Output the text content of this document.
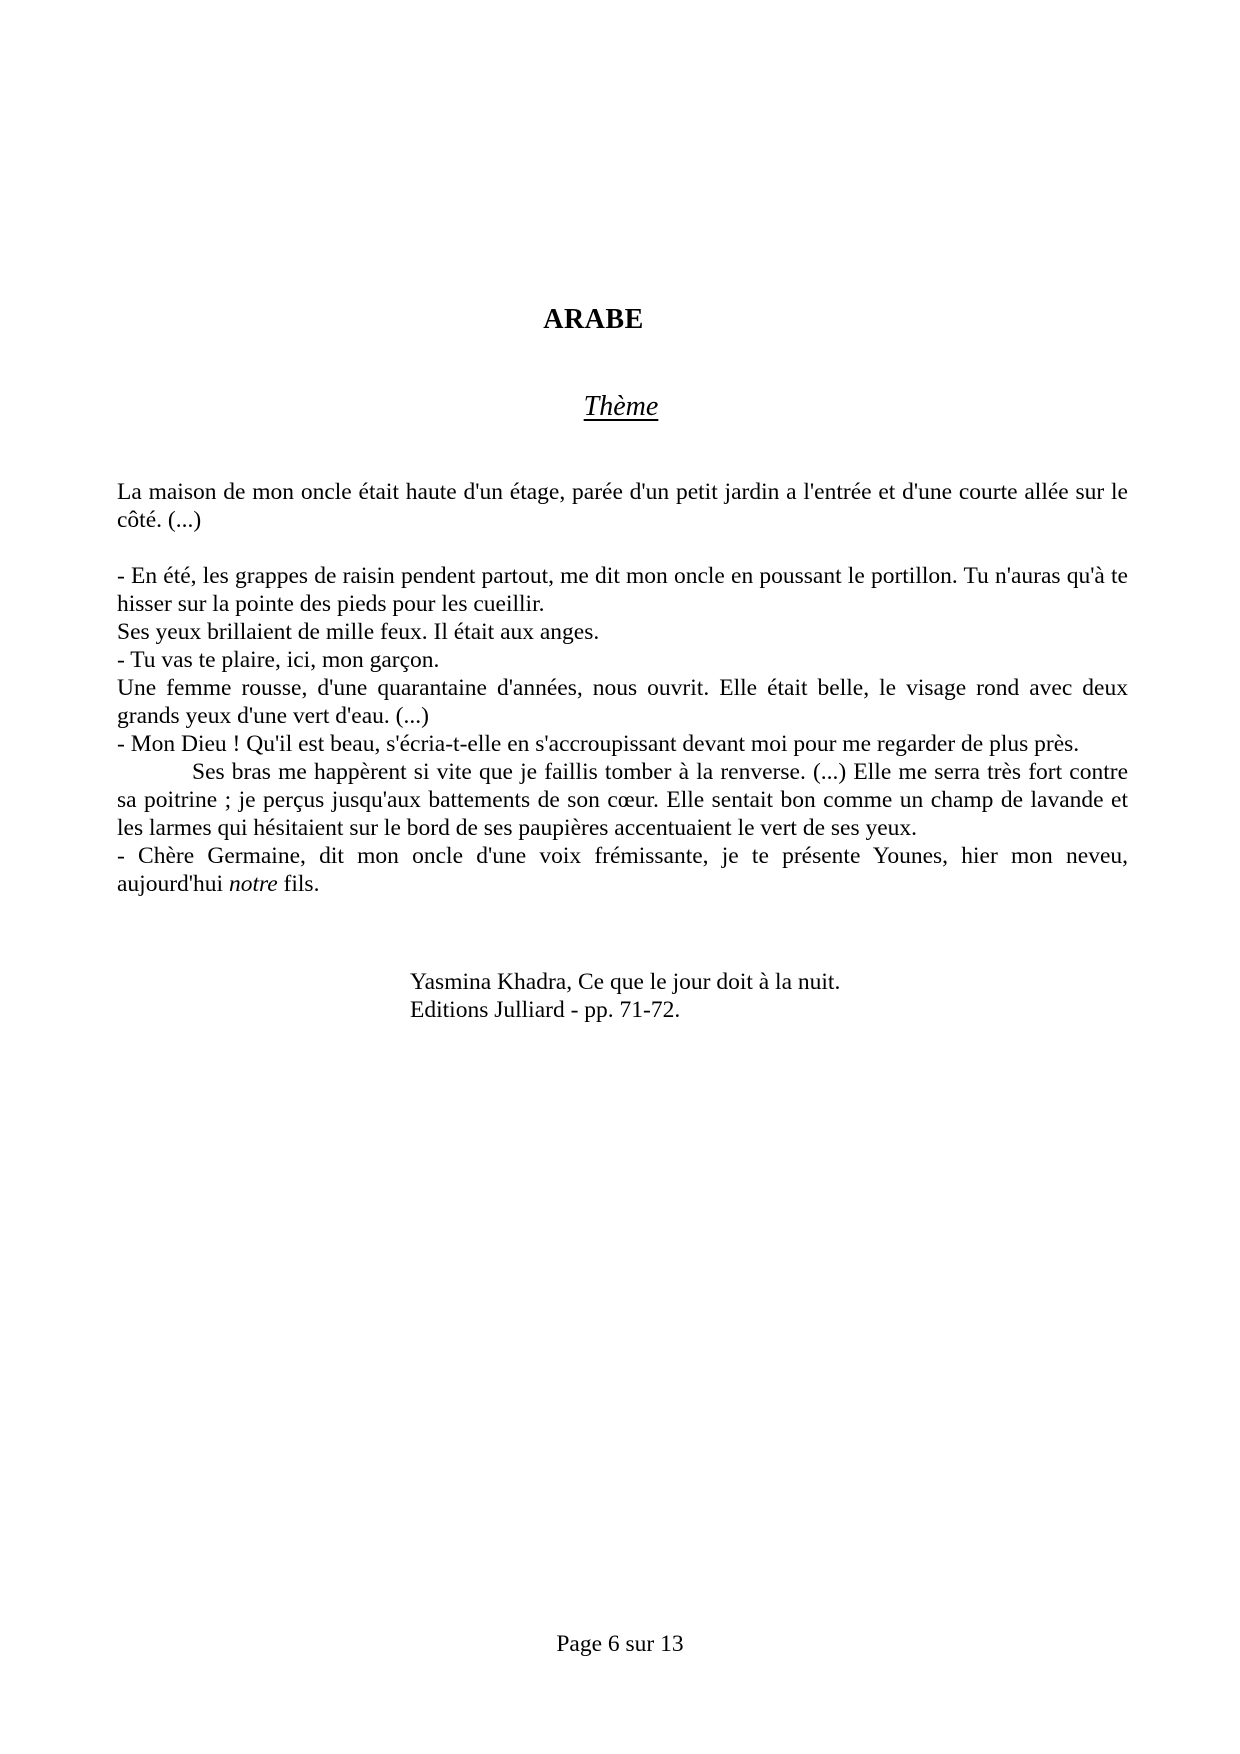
ARABE
Thème

La maison de mon oncle était haute d'un étage, parée d'un petit jardin a l'entrée et d'une courte allée sur le côté. (...)

- En été, les grappes de raisin pendent partout, me dit mon oncle en poussant le portillon. Tu n'auras qu'à te hisser sur la pointe des pieds pour les cueillir.

Ses yeux brillaient de mille feux. Il était aux anges.

- Tu vas te plaire, ici, mon garçon.

Une femme rousse, d'une quarantaine d'années, nous ouvrit. Elle était belle, le visage rond avec deux grands yeux d'une vert d'eau. (...)

- Mon Dieu ! Qu'il est beau, s'écria-t-elle en s'accroupissant devant moi pour me regarder de plus près.

Ses bras me happèrent si vite que je faillis tomber à la renverse. (...) Elle me serra très fort contre sa poitrine ; je perçus jusqu'aux battements de son cœur. Elle sentait bon comme un champ de lavande et les larmes qui hésitaient sur le bord de ses paupières accentuaient le vert de ses yeux.

- Chère Germaine, dit mon oncle d'une voix frémissante, je te présente Younes, hier mon neveu, aujourd'hui notre fils.

Yasmina Khadra, Ce que le jour doit à la nuit.
Editions Julliard - pp. 71-72.
Page 6 sur 13
